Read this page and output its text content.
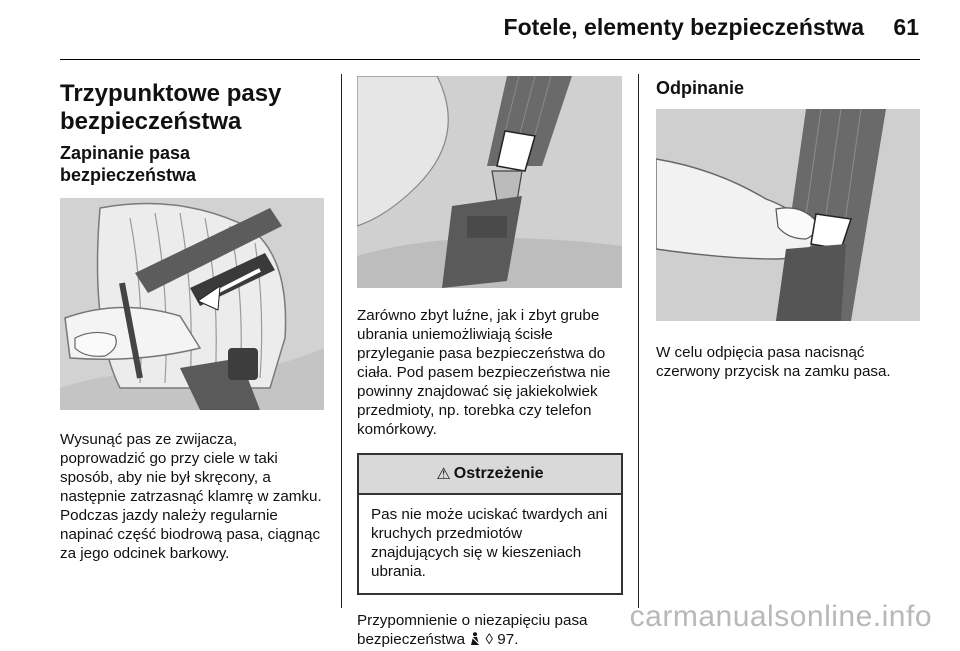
Fotele, elementy bezpieczeństwa 61
Trzypunktowe pasy bezpieczeństwa
Zapinanie pasa bezpieczeństwa

Wysunąć pas ze zwijacza, poprowadzić go przy ciele w taki sposób, aby nie był skręcony, a następnie zatrzasnąć klamrę w zamku. Podczas jazdy należy regularnie napinać część biodrową pasa, ciągnąc za jego odcinek barkowy.

Zarówno zbyt luźne, jak i zbyt grube ubrania uniemożliwiają ścisłe przyleganie pasa bezpieczeństwa do ciała. Pod pasem bezpieczeństwa nie powinny znajdować się jakiekolwiek przedmioty, np. torebka czy telefon komórkowy.

⚠ Ostrzeżenie
Pas nie może uciskać twardych ani kruchych przedmiotów znajdujących się w kieszeniach ubrania.
Przypomnienie o niezapięciu pasa bezpieczeństwa ◊ 97.
Odpinanie

W celu odpięcia pasa nacisnąć czerwony przycisk na zamku pasa.

carmanualsonline.info
